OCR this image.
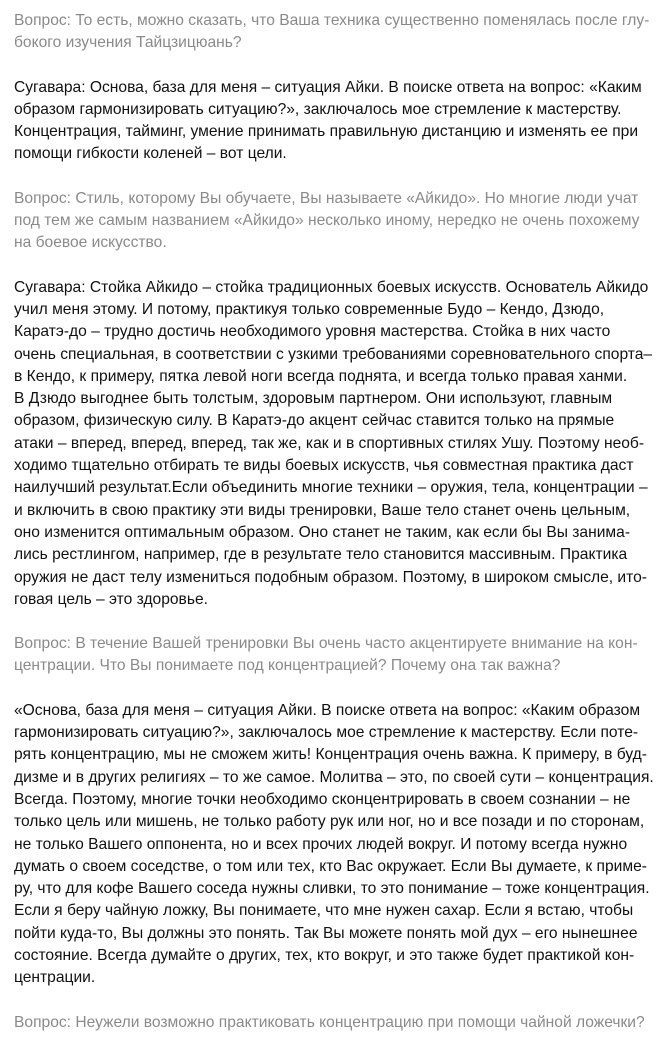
Вопрос: То есть, можно сказать, что Ваша техника существенно поменялась после глу-
бокого изучения Тайцзицюань?
Сугавара: Основа, база для меня – ситуация Айки. В поиске ответа на вопрос: «Каким
образом гармонизировать ситуацию?», заключалось мое стремление к мастерству.
Концентрация, тайминг, умение принимать правильную дистанцию и изменять ее при
помощи гибкости коленей – вот цели.
Вопрос: Стиль, которому Вы обучаете, Вы называете «Айкидо». Но многие люди учат
под тем же самым названием «Айкидо» несколько иному, нередко не очень похожему
на боевое искусство.
Сугавара: Стойка Айкидо – стойка традиционных боевых искусств. Основатель Айкидо
учил меня этому. И потому, практикуя только современные Будо – Кендо, Дзюдо,
Каратэ-до – трудно достичь необходимого уровня мастерства. Стойка в них часто
очень специальная, в соответствии с узкими требованиями соревновательного спорта–
в Кендо, к примеру, пятка левой ноги всегда поднята, и всегда только правая ханми.
В Дзюдо выгоднее быть толстым, здоровым партнером. Они используют, главным
образом, физическую силу. В Каратэ-до акцент сейчас ставится только на прямые
атаки – вперед, вперед, вперед, так же, как и в спортивных стилях Ушу. Поэтому необ-
ходимо тщательно отбирать те виды боевых искусств, чья совместная практика даст
наилучший результат.Если объединить многие техники – оружия, тела, концентрации –
и включить в свою практику эти виды тренировки, Ваше тело станет очень цельным,
оно изменится оптимальным образом. Оно станет не таким, как если бы Вы занима-
лись рестлингом, например, где в результате тело становится массивным. Практика
оружия не даст телу измениться подобным образом. Поэтому, в широком смысле, ито-
говая цель – это здоровье.
Вопрос: В течение Вашей тренировки Вы очень часто акцентируете внимание на кон-
центрации. Что Вы понимаете под концентрацией? Почему она так важна?
«Основа, база для меня – ситуация Айки. В поиске ответа на вопрос: «Каким образом
гармонизировать ситуацию?», заключалось мое стремление к мастерству. Если поте-
рять концентрацию, мы не сможем жить! Концентрация очень важна. К примеру, в буд-
дизме и в других религиях – то же самое. Молитва – это, по своей сути – концентрация.
Всегда. Поэтому, многие точки необходимо сконцентрировать в своем сознании – не
только цель или мишень, не только работу рук или ног, но и все позади и по сторонам,
не только Вашего оппонента, но и всех прочих людей вокруг. И потому всегда нужно
думать о своем соседстве, о том или тех, кто Вас окружает. Если Вы думаете, к приме-
ру, что для кофе Вашего соседа нужны сливки, то это понимание – тоже концентрация.
Если я беру чайную ложку, Вы понимаете, что мне нужен сахар. Если я встаю, чтобы
пойти куда-то, Вы должны это понять. Так Вы можете понять мой дух – его нынешнее
состояние. Всегда думайте о других, тех, кто вокруг, и это также будет практикой кон-
центрации.
Вопрос: Неужели возможно практиковать концентрацию при помощи чайной ложечки?
